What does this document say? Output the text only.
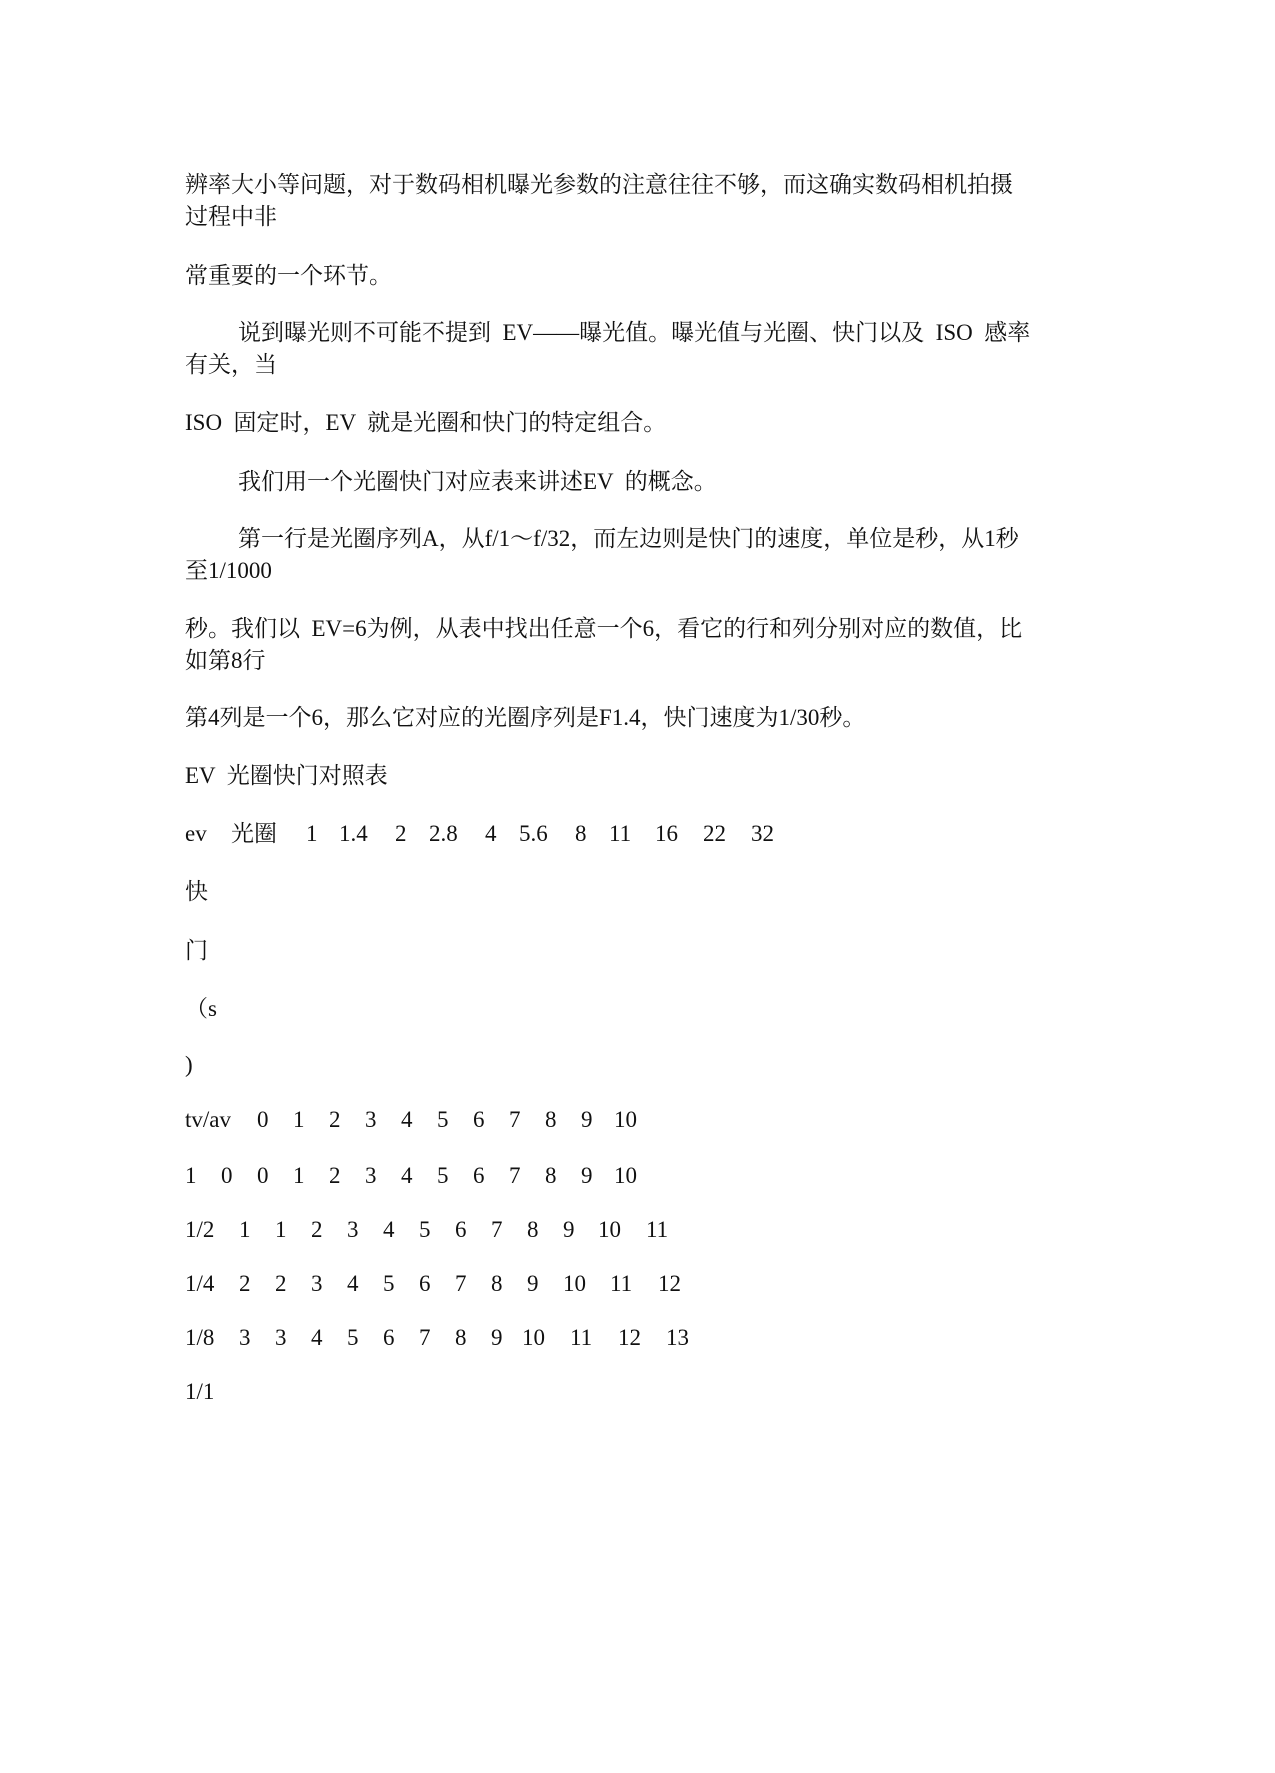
辨率大小等问题，对于数码相机曝光参数的注意往往不够，而这确实数码相机拍摄

过程中非

常重要的一个环节。

说到曝光则不可能不提到  EV——曝光值。曝光值与光圈、快门以及  ISO  感率

有关，当

ISO  固定时，EV  就是光圈和快门的特定组合。

我们用一个光圈快门对应表来讲述EV  的概念。

第一行是光圈序列A，从f/1～f/32，而左边则是快门的速度，单位是秒，从1秒

至1/1000

秒。我们以  EV=6为例，从表中找出任意一个6，看它的行和列分别对应的数值，比

如第8行

第4列是一个6，那么它对应的光圈序列是F1.4，快门速度为1/30秒。

EV  光圈快门对照表

ev

光圈

1

1.4

2

2.8

4

5.6

8

11

16

22

32

快

门

（s

)

tv/av

0

1

2

3

4

5

6

7

8

9

10

1

0

0

1

2

3

4

5

6

7

8

9

10

1/2

1

1

2

3

4

5

6

7

8

9

10

11

1/4

2

2

3

4

5

6

7

8

9

10

11

12

1/8

3

3

4

5

6

7

8

9

10

11

12

13

1/1
